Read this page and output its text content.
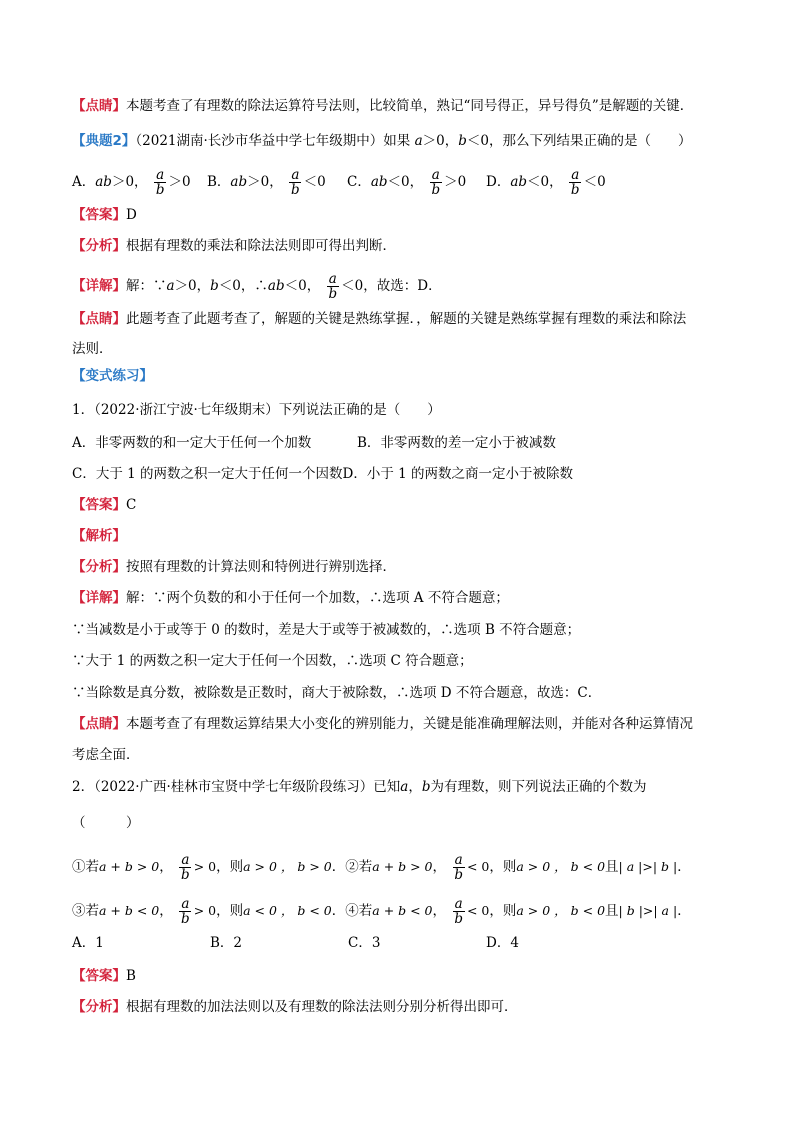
【点睛】本题考查了有理数的除法运算符号法则，比较简单，熟记“同号得正，异号得负”是解题的关键．
【典题2】（2021湖南·长沙市华益中学七年级期中）如果 a＞0，b＜0，那么下列结果正确的是（　　）
A．ab＞0， $\frac{a}{b} >0$ B．ab＞0， $\frac{a}{b} <0$ C．ab＜0， $\frac{a}{b} >0$ D．ab＜0， $\frac{a}{b} <0$
【答案】D
【分析】根据有理数的乘法和除法法则即可得出判断．
【详解】解：∵a＞0，b＜0，∴ab＜0， $\frac{a}{b} <0$，故选：D．
【点睛】此题考查了此题考查了，解题的关键是熟练掌握．，解题的关键是熟练掌握有理数的乘法和除法
法则．
【变式练习】
1．（2022·浙江宁波·七年级期末）下列说法正确的是（　　）
A．非零两数的和一定大于任何一个加数	B．非零两数的差一定小于被减数
C．大于 1 的两数之积一定大于任何一个因数D．小于 1 的两数之商一定小于被除数
【答案】C
【解析】
【分析】按照有理数的计算法则和特例进行辨别选择．
【详解】解：∵两个负数的和小于任何一个加数，∴选项 A 不符合题意；
∵当减数是小于或等于 0 的数时，差是大于或等于被减数的，∴选项 B 不符合题意；
∵大于 1 的两数之积一定大于任何一个因数，∴选项 C 符合题意；
∵当除数是真分数，被除数是正数时，商大于被除数，∴选项 D 不符合题意，故选：C．
【点睛】本题考查了有理数运算结果大小变化的辨别能力，关键是能准确理解法则，并能对各种运算情况
考虑全面．
2．（2022·广西·桂林市宝贤中学七年级阶段练习）已知a，b为有理数，则下列说法正确的个数为
（　　　）
①若a + b > 0， $\frac{a}{b} > 0$，则a > 0 ， b > 0．②若a + b > 0， $\frac{a}{b} < 0$，则a > 0 ， b < 0且| a |>| b |．
③若a + b < 0， $\frac{a}{b} > 0$，则a < 0 ， b < 0．④若a + b < 0， $\frac{a}{b} < 0$，则a > 0 ， b < 0且| b |>| a |．
A．1	B．2	C．3	D．4
【答案】B
【分析】根据有理数的加法法则以及有理数的除法法则分别分析得出即可．
